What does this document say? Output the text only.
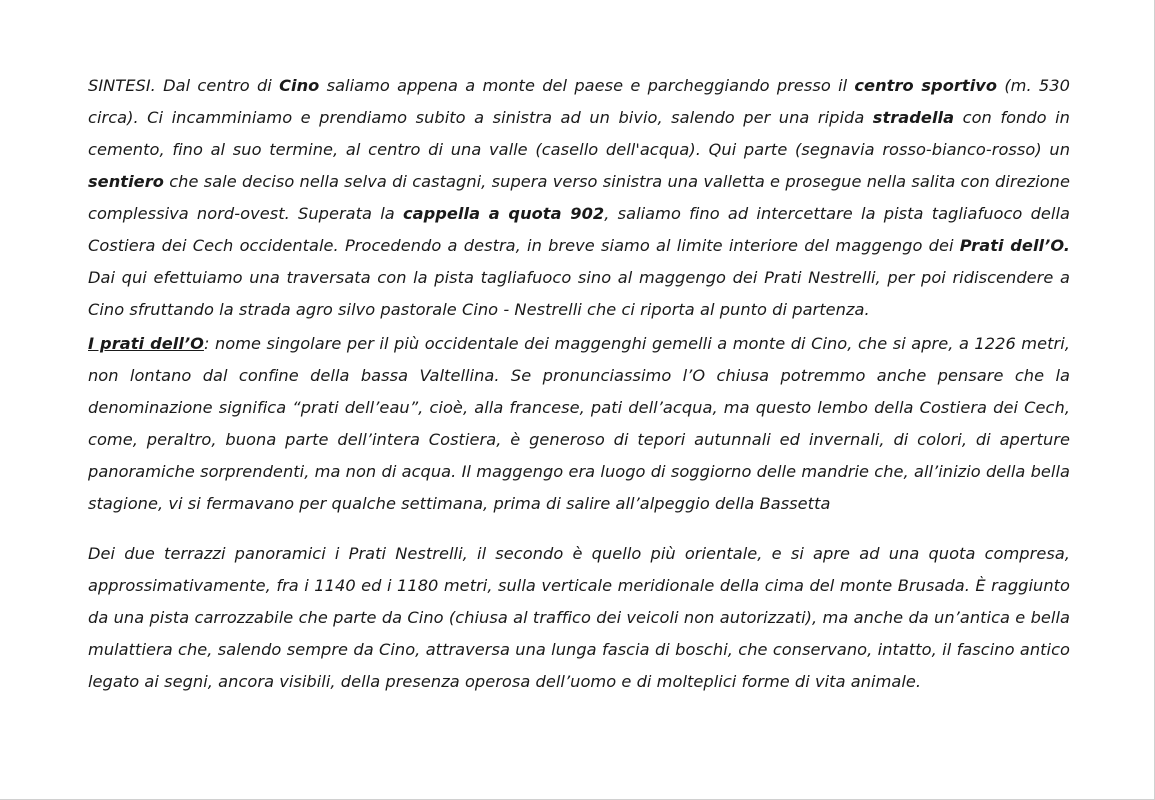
SINTESI. Dal centro di Cino saliamo appena a monte del paese e parcheggiando presso il centro sportivo (m. 530 circa). Ci incamminiamo e prendiamo subito a sinistra ad un bivio, salendo per una ripida stradella con fondo in cemento, fino al suo termine, al centro di una valle (casello dell'acqua). Qui parte (segnavia rosso-bianco-rosso) un sentiero che sale deciso nella selva di castagni, supera verso sinistra una valletta e prosegue nella salita con direzione complessiva nord-ovest. Superata la cappella a quota 902, saliamo fino ad intercettare la pista tagliafuoco della Costiera dei Cech occidentale. Procedendo a destra, in breve siamo al limite interiore del maggengo dei Prati dell’O. Dai qui efettuiamo una traversata con la pista tagliafuoco sino al maggengo dei Prati Nestrelli, per poi ridiscendere a Cino sfruttando la strada agro silvo pastorale Cino - Nestrelli che ci riporta al punto di partenza.

I prati dell’O: nome singolare per il più occidentale dei maggenghi gemelli a monte di Cino, che si apre, a 1226 metri, non lontano dal confine della bassa Valtellina. Se pronunciassimo l’O chiusa potremmo anche pensare che la denominazione significa “prati dell’eau”, cioè, alla francese, pati dell’acqua, ma questo lembo della Costiera dei Cech, come, peraltro, buona parte dell’intera Costiera, è generoso di tepori autunnali ed invernali, di colori, di aperture panoramiche sorprendenti, ma non di acqua. Il maggengo era luogo di soggiorno delle mandrie che, all’inizio della bella stagione, vi si fermavano per qualche settimana, prima di salire all’alpeggio della Bassetta

Dei due terrazzi panoramici i Prati Nestrelli, il secondo è quello più orientale, e si apre ad una quota compresa, approssimativamente, fra i 1140 ed i 1180 metri, sulla verticale meridionale della cima del monte Brusada. È raggiunto da una pista carrozzabile che parte da Cino (chiusa al traffico dei veicoli non autorizzati), ma anche da un’antica e bella mulattiera che, salendo sempre da Cino, attraversa una lunga fascia di boschi, che conservano, intatto, il fascino antico legato ai segni, ancora visibili, della presenza operosa dell’uomo e di molteplici forme di vita animale.
